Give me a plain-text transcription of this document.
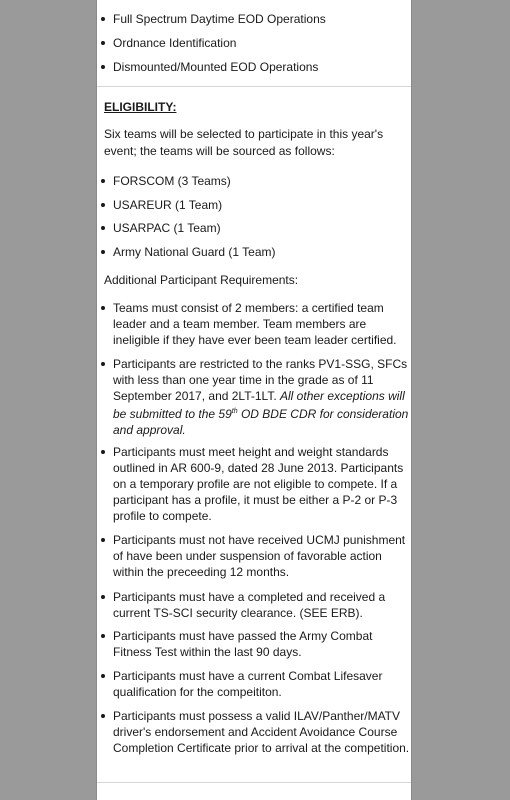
Full Spectrum Daytime EOD Operations
Ordnance Identification
Dismounted/Mounted EOD Operations
ELIGIBILITY:
Six teams will be selected to participate in this year's event; the teams will be sourced as follows:
FORSCOM (3 Teams)
USAREUR (1 Team)
USARPAC (1 Team)
Army National Guard (1 Team)
Additional Participant Requirements:
Teams must consist of 2 members: a certified team leader and a team member. Team members are ineligible if they have ever been team leader certified.
Participants are restricted to the ranks PV1-SSG, SFCs with less than one year time in the grade as of 11 September 2017, and 2LT-1LT. All other exceptions will be submitted to the 59th OD BDE CDR for consideration and approval.
Participants must meet height and weight standards outlined in AR 600-9, dated 28 June 2013. Participants on a temporary profile are not eligible to compete. If a participant has a profile, it must be either a P-2 or P-3 profile to compete.
Participants must not have received UCMJ punishment of have been under suspension of favorable action within the preceeding 12 months.
Participants must have a completed and received a current TS-SCI security clearance. (SEE ERB).
Participants must have passed the Army Combat Fitness Test within the last 90 days.
Participants must have a current Combat Lifesaver qualification for the compeititon.
Participants must possess a valid ILAV/Panther/MATV driver's endorsement and Accident Avoidance Course Completion Certificate prior to arrival at the competition.
